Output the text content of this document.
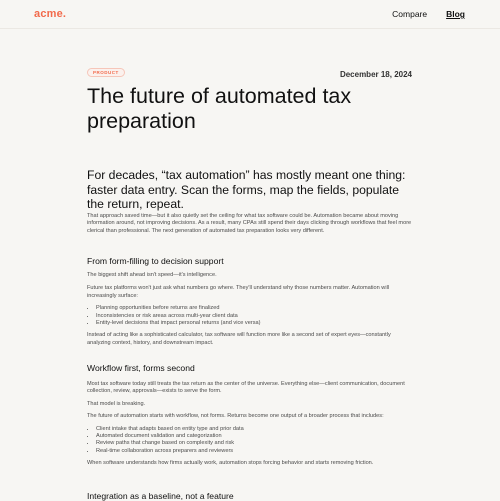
acme.	Compare Blog
PRODUCT	December 18, 2024
The future of automated tax preparation

For decades, “tax automation” has mostly meant one thing: faster data entry. Scan the forms, map the fields, populate the return, repeat.

That approach saved time—but it also quietly set the ceiling for what tax software could be. Automation became about moving information around, not improving decisions. As a result, many CPAs still spend their days clicking through workflows that feel more clerical than professional. The next generation of automated tax preparation looks very different.

From form-filling to decision support

The biggest shift ahead isn't speed—it's intelligence.

Future tax platforms won't just ask what numbers go where. They'll understand why those numbers matter. Automation will increasingly surface:

• Planning opportunities before returns are finalized
• Inconsistencies or risk areas across multi-year client data
• Entity-level decisions that impact personal returns (and vice versa)

Instead of acting like a sophisticated calculator, tax software will function more like a second set of expert eyes—constantly analyzing context, history, and downstream impact.

Workflow first, forms second

Most tax software today still treats the tax return as the center of the universe. Everything else—client communication, document collection, review, approvals—exists to serve the form.

That model is breaking.

The future of automation starts with workflow, not forms. Returns become one output of a broader process that includes:

• Client intake that adapts based on entity type and prior data
• Automated document validation and categorization
• Review paths that change based on complexity and risk
• Real-time collaboration across preparers and reviewers

When software understands how firms actually work, automation stops forcing behavior and starts removing friction.

Integration as a baseline, not a feature
